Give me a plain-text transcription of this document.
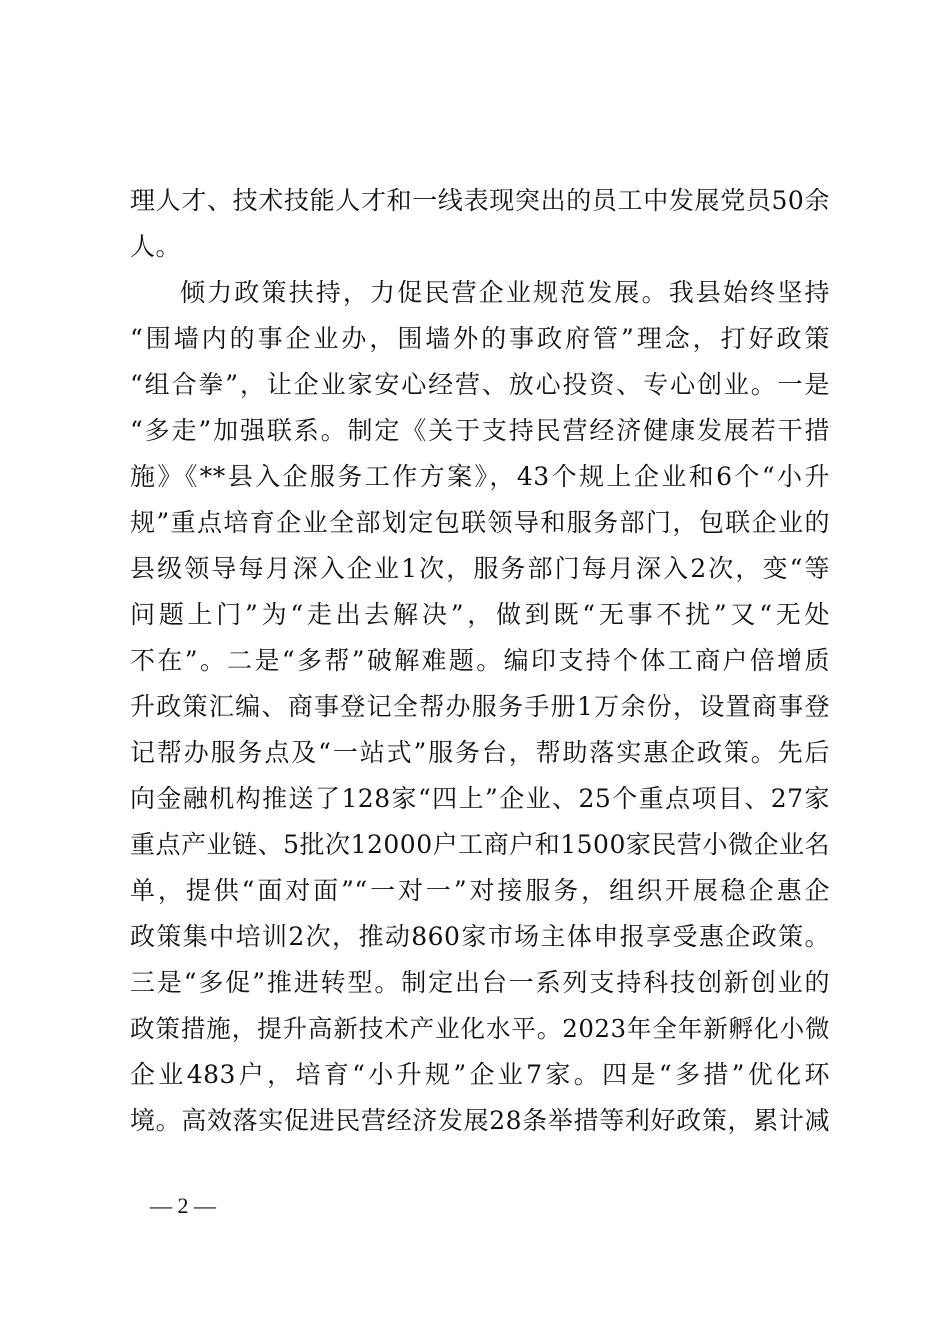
理人才、技术技能人才和一线表现突出的员工中发展党员50余
人。
倾力政策扶持，力促民营企业规范发展。我县始终坚持
“围墙内的事企业办，围墙外的事政府管”理念，打好政策
“组合拳”，让企业家安心经营、放心投资、专心创业。一是
“多走”加强联系。制定《关于支持民营经济健康发展若干措
施》《**县入企服务工作方案》，43个规上企业和6个“小升
规”重点培育企业全部划定包联领导和服务部门，包联企业的
县级领导每月深入企业1次，服务部门每月深入2次，变“等
问题上门”为“走出去解决”，做到既“无事不扰”又“无处
不在”。二是“多帮”破解难题。编印支持个体工商户倍增质
升政策汇编、商事登记全帮办服务手册1万余份，设置商事登
记帮办服务点及“一站式”服务台，帮助落实惠企政策。先后
向金融机构推送了128家“四上”企业、25个重点项目、27家
重点产业链、5批次12000户工商户和1500家民营小微企业名
单，提供“面对面”“一对一”对接服务，组织开展稳企惠企
政策集中培训2次，推动860家市场主体申报享受惠企政策。
三是“多促”推进转型。制定出台一系列支持科技创新创业的
政策措施，提升高新技术产业化水平。2023年全年新孵化小微
企业483户，培育“小升规”企业7家。四是“多措”优化环
境。高效落实促进民营经济发展28条举措等利好政策，累计减
— 2 —
